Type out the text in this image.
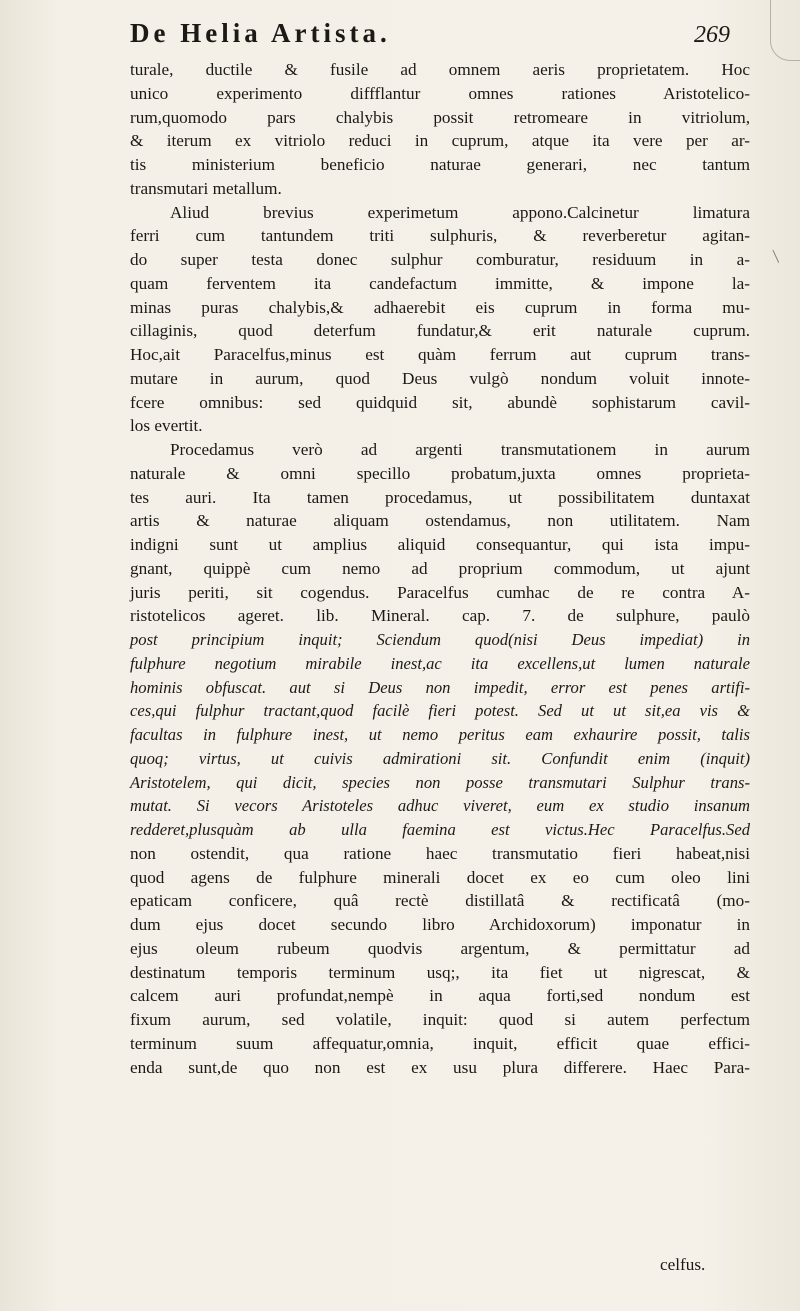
De Helia Artista.	269
turale, ductile & fusile ad omnem aeris proprietatem. Hoc
unico experimento diffflantur omnes rationes Aristotelico-
rum,quomodo pars chalybis possit retromeare in vitriolum,
& iterum ex vitriolo reduci in cuprum, atque ita vere per ar-
tis ministerium beneficio naturae generari, nec tantum
transmutari metallum.
Aliud brevius experimetum appono.Calcinetur limatura
ferri cum tantundem triti sulphuris, & reverberetur agitan-
do super testa donec sulphur comburatur, residuum in a-
quam ferventem ita candefactum immitte, & impone la-
minas puras chalybis,& adhaerebit eis cuprum in forma mu-
cillaginis, quod deterfum fundatur,& erit naturale cuprum.
Hoc,ait Paracelfus,minus est quàm ferrum aut cuprum trans-
mutare in aurum, quod Deus vulgò nondum voluit innote-
fcere omnibus: sed quidquid sit, abundè sophistarum cavil-
los evertit.
Procedamus verò ad argenti transmutationem in aurum
naturale & omni specillo probatum,juxta omnes proprieta-
tes auri. Ita tamen procedamus, ut possibilitatem duntaxat
artis & naturae aliquam ostendamus, non utilitatem. Nam
indigni sunt ut amplius aliquid consequantur, qui ista impu-
gnant, quippè cum nemo ad proprium commodum, ut ajunt
juris periti, sit cogendus. Paracelfus cumhac de re contra A-
ristotelicos ageret. lib. Mineral. cap. 7. de sulphure, paulò
post principium inquit; Sciendum quod(nisi Deus impediat) in
fulphure negotium mirabile inest,ac ita excellens,ut lumen naturale
hominis obfuscat. aut si Deus non impedit, error est penes artifi-
ces,qui fulphur tractant,quod facilè fieri potest. Sed ut ut sit,ea vis &
facultas in fulphure inest, ut nemo peritus eam exhaurire possit, talis
quoq; virtus, ut cuivis admirationi sit. Confundit enim (inquit)
Aristotelem, qui dicit, species non posse transmutari Sulphur trans-
mutat. Si vecors Aristoteles adhuc viveret, eum ex studio insanum
redderet,plusquàm ab ulla faemina est victus.Hec Paracelfus.Sed
non ostendit, qua ratione haec transmutatio fieri habeat,nisi
quod agens de fulphure minerali docet ex eo cum oleo lini
epaticam conficere, quâ rectè distillatâ & rectificatâ (mo-
dum ejus docet secundo libro Archidoxorum) imponatur in
ejus oleum rubeum quodvis argentum, & permittatur ad
destinatum temporis terminum usq;, ita fiet ut nigrescat, &
calcem auri profundat,nempè in aqua forti,sed nondum est
fixum aurum, sed volatile, inquit: quod si autem perfectum
terminum suum affequatur,omnia, inquit, efficit quae effici-
enda sunt,de quo non est ex usu plura differere. Haec Para-
celfus.
